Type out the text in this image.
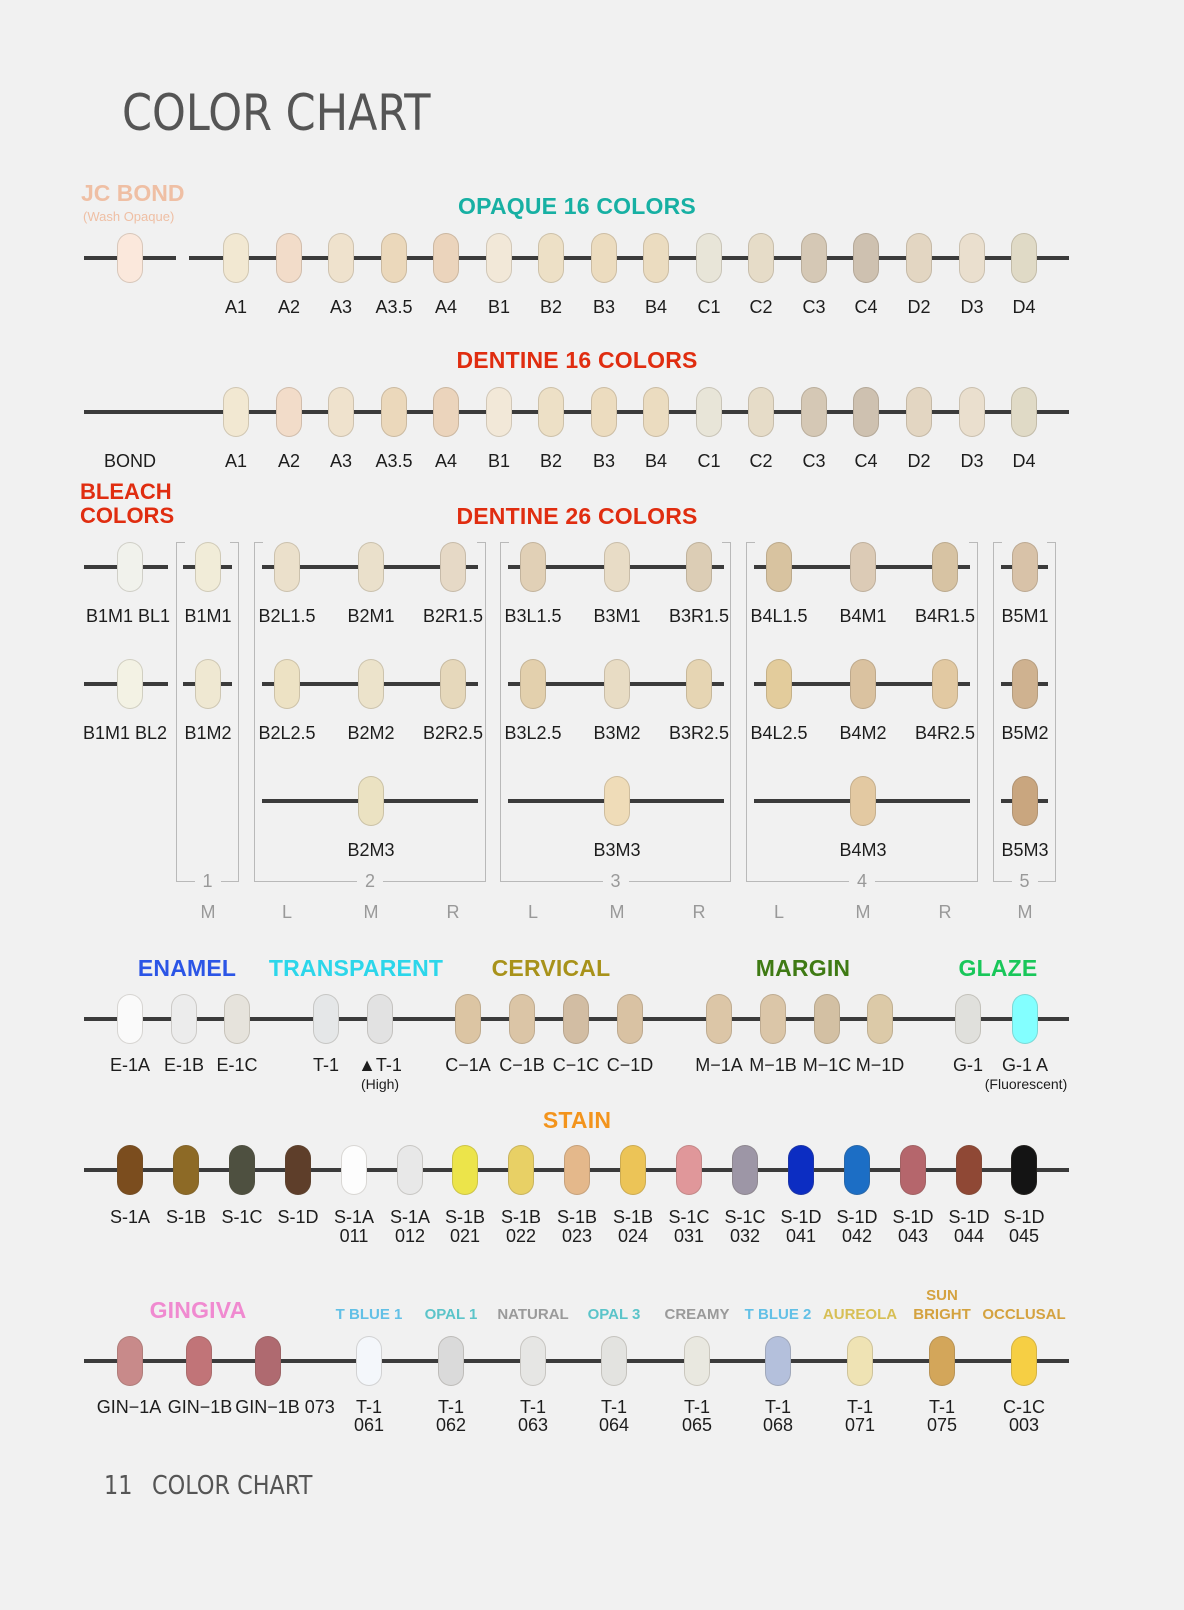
COLOR CHART
JC BOND
(Wash Opaque)	OPAQUE 16 COLORS
DENTINE 16 COLORS
BLEACH
COLORS	DENTINE 26 COLORS
ENAMEL TRANSPARENT CERVICAL	MARGIN	GLAZE
STAIN
GINGIVA
A1 A2 A3 A3.5 A4 B1 B2 B3 B4 C1 C2 C3 C4 D2 D3 D4
BOND	A1 A2 A3 A3.5 A4 B1 B2 B3 B4 C1 C2 C3 C4 D2 D3 D4
B1M1 BL1
B1M1 BL2
1
M
B1M1
B1M2
2
L	M	R
B2L1.5 B2M1 B2R1.5
B2L2.5 B2M2 B2R2.5
B2M3
3
L	M	R
B3L1.5 B3M1 B3R1.5
B3L2.5 B3M2 B3R2.5
B3M3
4
L	M	R
B4L1.5 B4M1 B4R1.5
B4L2.5 B4M2 B4R2.5
B4M3
5
M
B5M1
B5M2
B5M3
E-1A E-1B E-1C	T-1 ▲T-1
(High)
C−1A C−1B C−1C C−1D M−1A M−1B M−1C M−1D	G-1 G-1 A
(Fluorescent)
S-1A S-1B S-1C S-1D S-1A
011
S-1A
012
S-1B
021
S-1B
022
S-1B
023
S-1B
024
S-1C
031
S-1C
032
S-1D
041
S-1D
042
S-1D
043
S-1D
044
S-1D
045
GIN−1A GIN−1B GIN−1B 073 T-1
061
T BLUE 1
T-1
062
OPAL 1
T-1
063
NATURAL
T-1
064
OPAL 3
T-1
065
CREAMY
T-1
068
T BLUE 2
T-1
071
AUREOLA
T-1
075
SUN
BRIGHT
C-1C
003
OCCLUSAL
11 COLOR CHART
